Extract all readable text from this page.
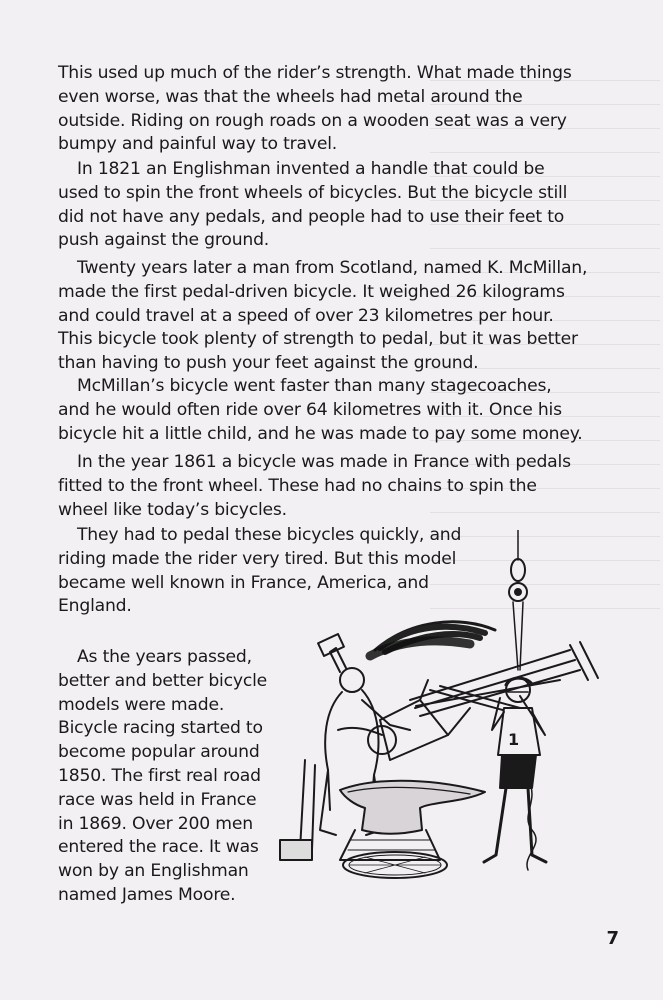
This used up much of the rider’s strength. What made things even worse, was that the wheels had metal around the outside. Riding on rough roads on a wooden seat was a very bumpy and painful way to travel.

In 1821 an Englishman invented a handle that could be used to spin the front wheels of bicycles. But the bicycle still did not have any pedals, and people had to use their feet to push against the ground.

Twenty years later a man from Scotland, named K. McMillan, made the first pedal-driven bicycle. It weighed 26 kilograms and could travel at a speed of over 23 kilometres per hour. This bicycle took plenty of strength to pedal, but it was better than having to push your feet against the ground.

McMillan’s bicycle went faster than many stagecoaches, and he would often ride over 64 kilometres with it. Once his bicycle hit a little child, and he was made to pay some money.

In the year 1861 a bicycle was made in France with pedals fitted to the front wheel. These had no chains to spin the wheel like today’s bicycles.

They had to pedal these bicycles quickly, and riding made the rider very tired. But this model became well known in France, America, and England.

As the years passed, better and better bicycle models were made. Bicycle racing started to become popular around 1850. The first real road race was held in France in 1869. Over 200 men entered the race. It was won by an Englishman named James Moore.

1
7
